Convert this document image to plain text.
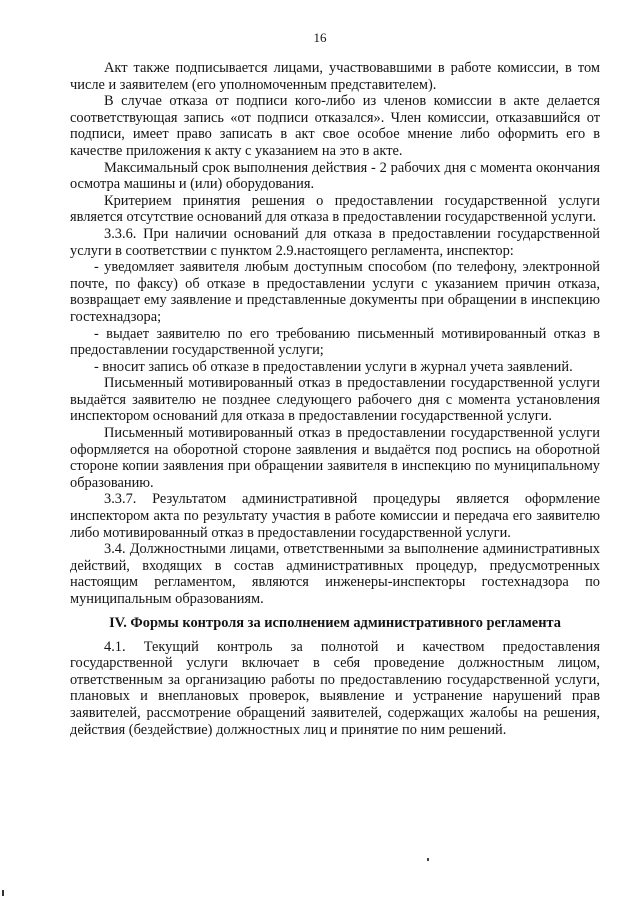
16

Акт также подписывается лицами, участвовавшими в работе комиссии, в том числе и заявителем (его уполномоченным представителем).

В случае отказа от подписи кого-либо из членов комиссии в акте делается соответствующая запись «от подписи отказался». Член комиссии, отказавшийся от подписи, имеет право записать в акт свое особое мнение либо оформить его в качестве приложения к акту с указанием на это в акте.

Максимальный срок выполнения действия - 2 рабочих дня с момента окончания осмотра машины и (или) оборудования.

Критерием принятия решения о предоставлении государственной услуги является отсутствие оснований для отказа в предоставлении государственной услуги.

3.3.6. При наличии оснований для отказа в предоставлении государственной услуги в соответствии с пунктом 2.9.настоящего регламента, инспектор:

- уведомляет заявителя любым доступным способом (по телефону, электронной почте, по факсу) об отказе в предоставлении услуги с указанием причин отказа, возвращает ему заявление и представленные документы при обращении в инспекцию гостехнадзора;

- выдает заявителю по его требованию письменный мотивированный отказ в предоставлении государственной услуги;

- вносит запись об отказе в предоставлении услуги в журнал учета заявлений.

Письменный мотивированный отказ в предоставлении государственной услуги выдаётся заявителю не позднее следующего рабочего дня с момента установления инспектором оснований для отказа в предоставлении государственной услуги.

Письменный мотивированный отказ в предоставлении государственной услуги оформляется на оборотной стороне заявления и выдаётся под роспись на оборотной стороне копии заявления при обращении заявителя в инспекцию по муниципальному образованию.

3.3.7. Результатом административной процедуры является оформление инспектором акта по результату участия в работе комиссии и передача его заявителю либо мотивированный отказ в предоставлении государственной услуги.

3.4. Должностными лицами, ответственными за выполнение административных действий, входящих в состав административных процедур, предусмотренных настоящим регламентом, являются инженеры-инспекторы гостехнадзора по муниципальным образованиям.

IV. Формы контроля за исполнением административного регламента

4.1. Текущий контроль за полнотой и качеством предоставления государственной услуги включает в себя проведение должностным лицом, ответственным за организацию работы по предоставлению государственной услуги, плановых и внеплановых проверок, выявление и устранение нарушений прав заявителей, рассмотрение обращений заявителей, содержащих жалобы на решения, действия (бездействие) должностных лиц и принятие по ним решений.
